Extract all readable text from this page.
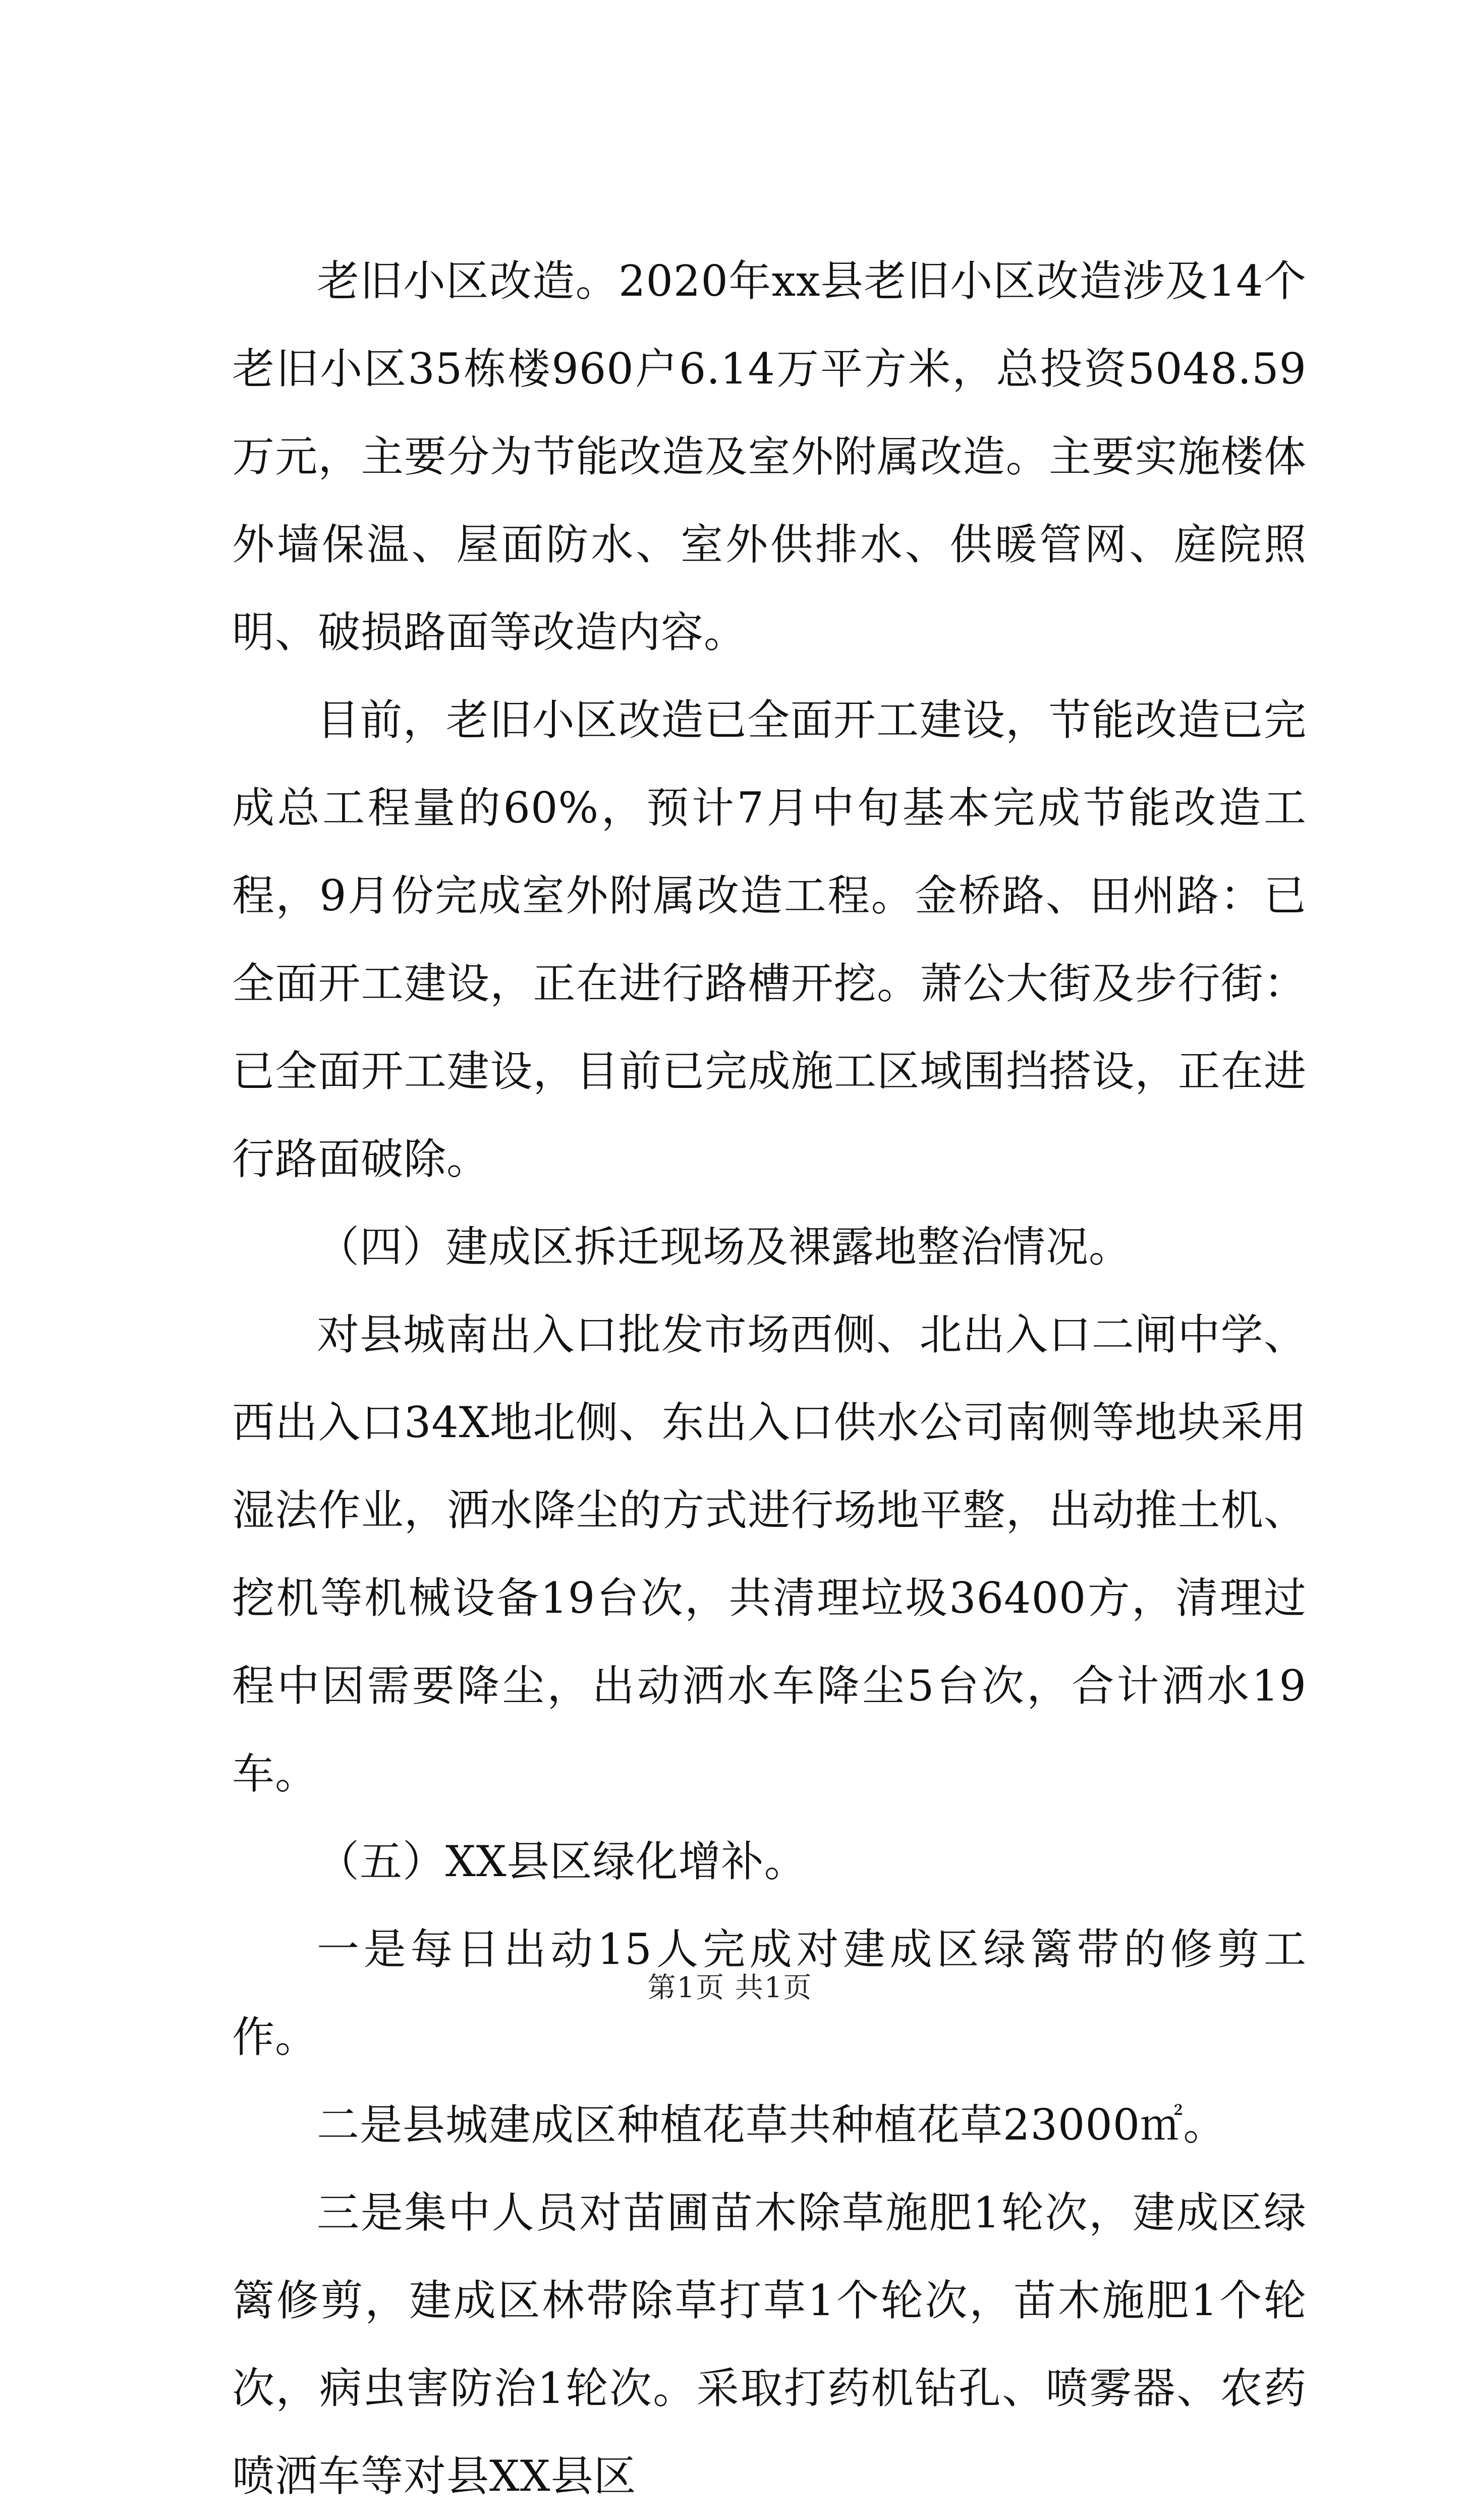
老旧小区改造。2020年xx县老旧小区改造涉及14个老旧小区35栋楼960户6.14万平方米，总投资5048.59万元，主要分为节能改造及室外附属改造。主要实施楼体外墙保温、屋面防水、室外供排水、供暖管网、庭院照明、破损路面等改造内容。

目前，老旧小区改造已全面开工建设，节能改造已完成总工程量的60%，预计7月中旬基本完成节能改造工程，9月份完成室外附属改造工程。金桥路、田州路：已全面开工建设，正在进行路槽开挖。萧公大街及步行街：已全面开工建设，目前已完成施工区域围挡搭设，正在进行路面破除。

（四）建成区拆迁现场及裸露地整治情况。

对县城南出入口批发市场西侧、北出入口二闸中学、西出入口34X地北侧、东出入口供水公司南侧等地块采用湿法作业，洒水降尘的方式进行场地平整，出动推土机、挖机等机械设备19台次，共清理垃圾36400方，清理过程中因需要降尘，出动洒水车降尘5台次，合计洒水19车。

（五）XX县区绿化增补。

一是每日出动15人完成对建成区绿篱带的修剪工作。

二是县城建成区种植花草共种植花草23000㎡。

三是集中人员对苗圃苗木除草施肥1轮次，建成区绿篱修剪，建成区林带除草打草1个轮次，苗木施肥1个轮次，病虫害防治1轮次。采取打药机钻孔、喷雾器、农药喷洒车等对县XX县区

第1页 共1页
